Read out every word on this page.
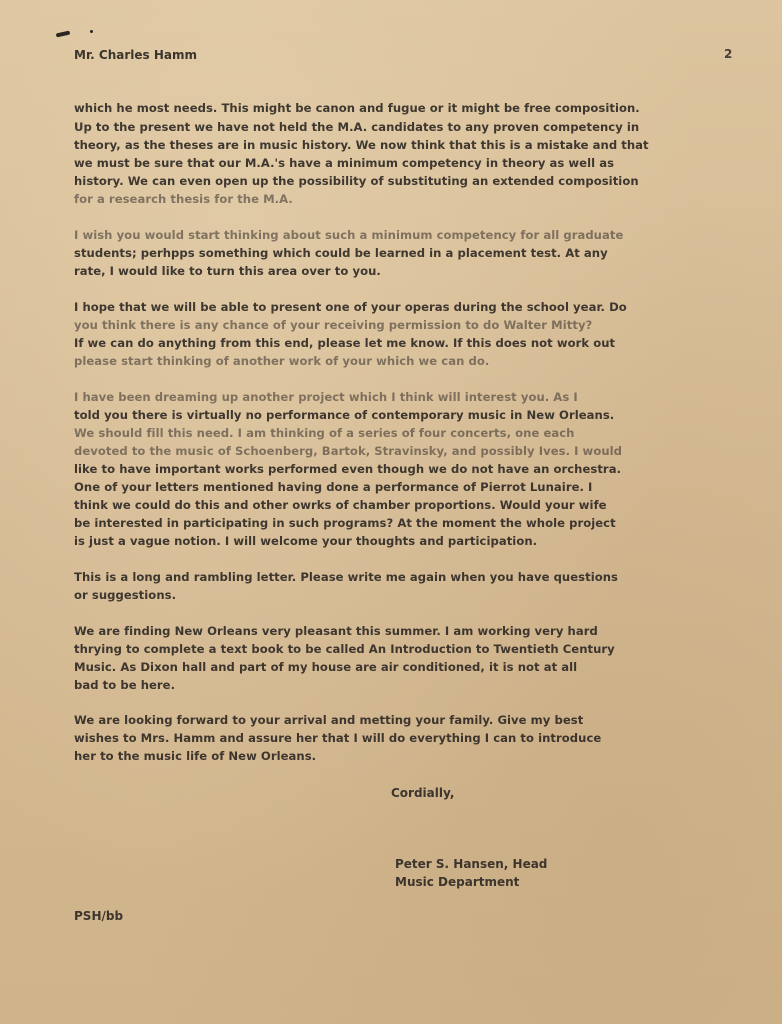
Mr. Charles Hamm	2
which he most needs. This might be canon and fugue or it might be free composition.
Up to the present we have not held the M.A. candidates to any proven competency in
theory, as the theses are in music history. We now think that this is a mistake and that
we must be sure that our M.A.'s have a minimum competency in theory as well as
history. We can even open up the possibility of substituting an extended composition
for a research thesis for the M.A.
I wish you would start thinking about such a minimum competency for all graduate
students; perhpps something which could be learned in a placement test. At any
rate, I would like to turn this area over to you.
I hope that we will be able to present one of your operas during the school year. Do
you think there is any chance of your receiving permission to do Walter Mitty?
If we can do anything from this end, please let me know. If this does not work out
please start thinking of another work of your which we can do.
I have been dreaming up another project which I think will interest you. As I
told you there is virtually no performance of contemporary music in New Orleans.
We should fill this need. I am thinking of a series of four concerts, one each
devoted to the music of Schoenberg, Bartok, Stravinsky, and possibly Ives. I would
like to have important works performed even though we do not have an orchestra.
One of your letters mentioned having done a performance of Pierrot Lunaire. I
think we could do this and other owrks of chamber proportions. Would your wife
be interested in participating in such programs? At the moment the whole project
is just a vague notion. I will welcome your thoughts and participation.
This is a long and rambling letter. Please write me again when you have questions
or suggestions.
We are finding New Orleans very pleasant this summer. I am working very hard
thrying to complete a text book to be called An Introduction to Twentieth Century
Music. As Dixon hall and part of my house are air conditioned, it is not at all
bad to be here.
We are looking forward to your arrival and metting your family. Give my best
wishes to Mrs. Hamm and assure her that I will do everything I can to introduce
her to the music life of New Orleans.
Cordially,
Peter S. Hansen, Head
Music Department
PSH/bb
